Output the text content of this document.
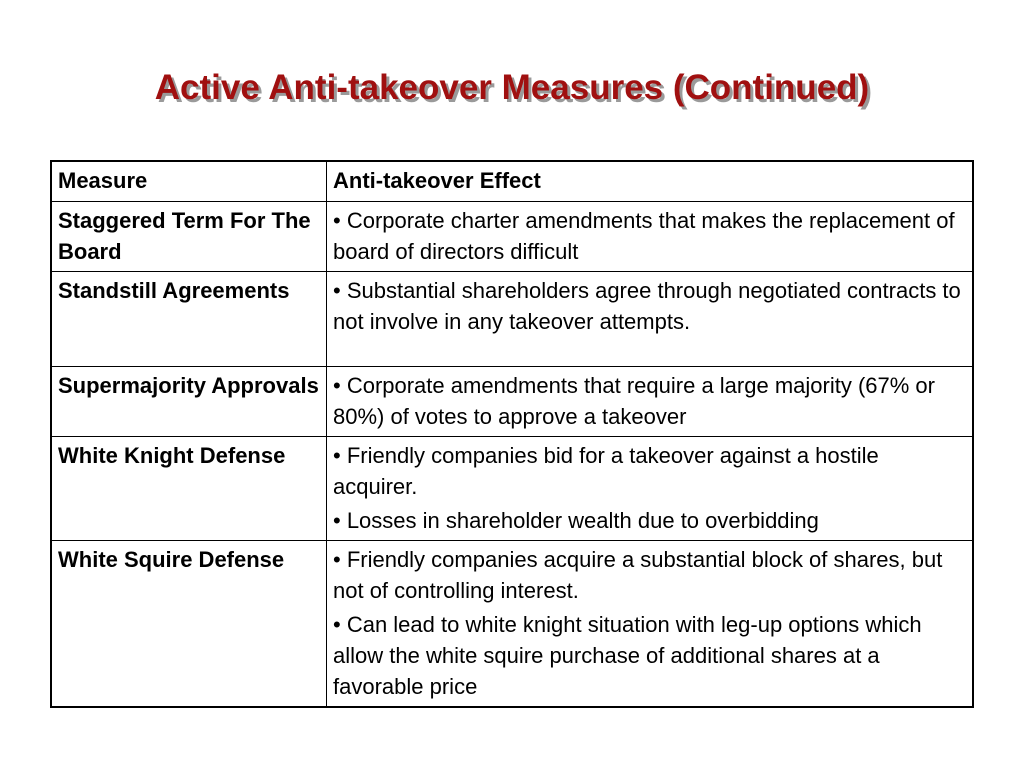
Active Anti-takeover Measures (Continued)
Measure	Anti-takeover Effect
Staggered Term For The Board	• Corporate charter amendments that makes the replacement of board of directors difficult

Standstill Agreements	• Substantial shareholders agree through negotiated contracts to not involve in any takeover attempts.

Supermajority Approvals	• Corporate amendments that require a large majority (67% or 80%) of votes to approve a takeover

White Knight Defense	• Friendly companies bid for a takeover against a hostile acquirer.
• Losses in shareholder wealth due to overbidding

White Squire Defense	• Friendly companies acquire a substantial block of shares, but not of controlling interest.
• Can lead to white knight situation with leg-up options which allow the white squire purchase of additional shares at a favorable price
